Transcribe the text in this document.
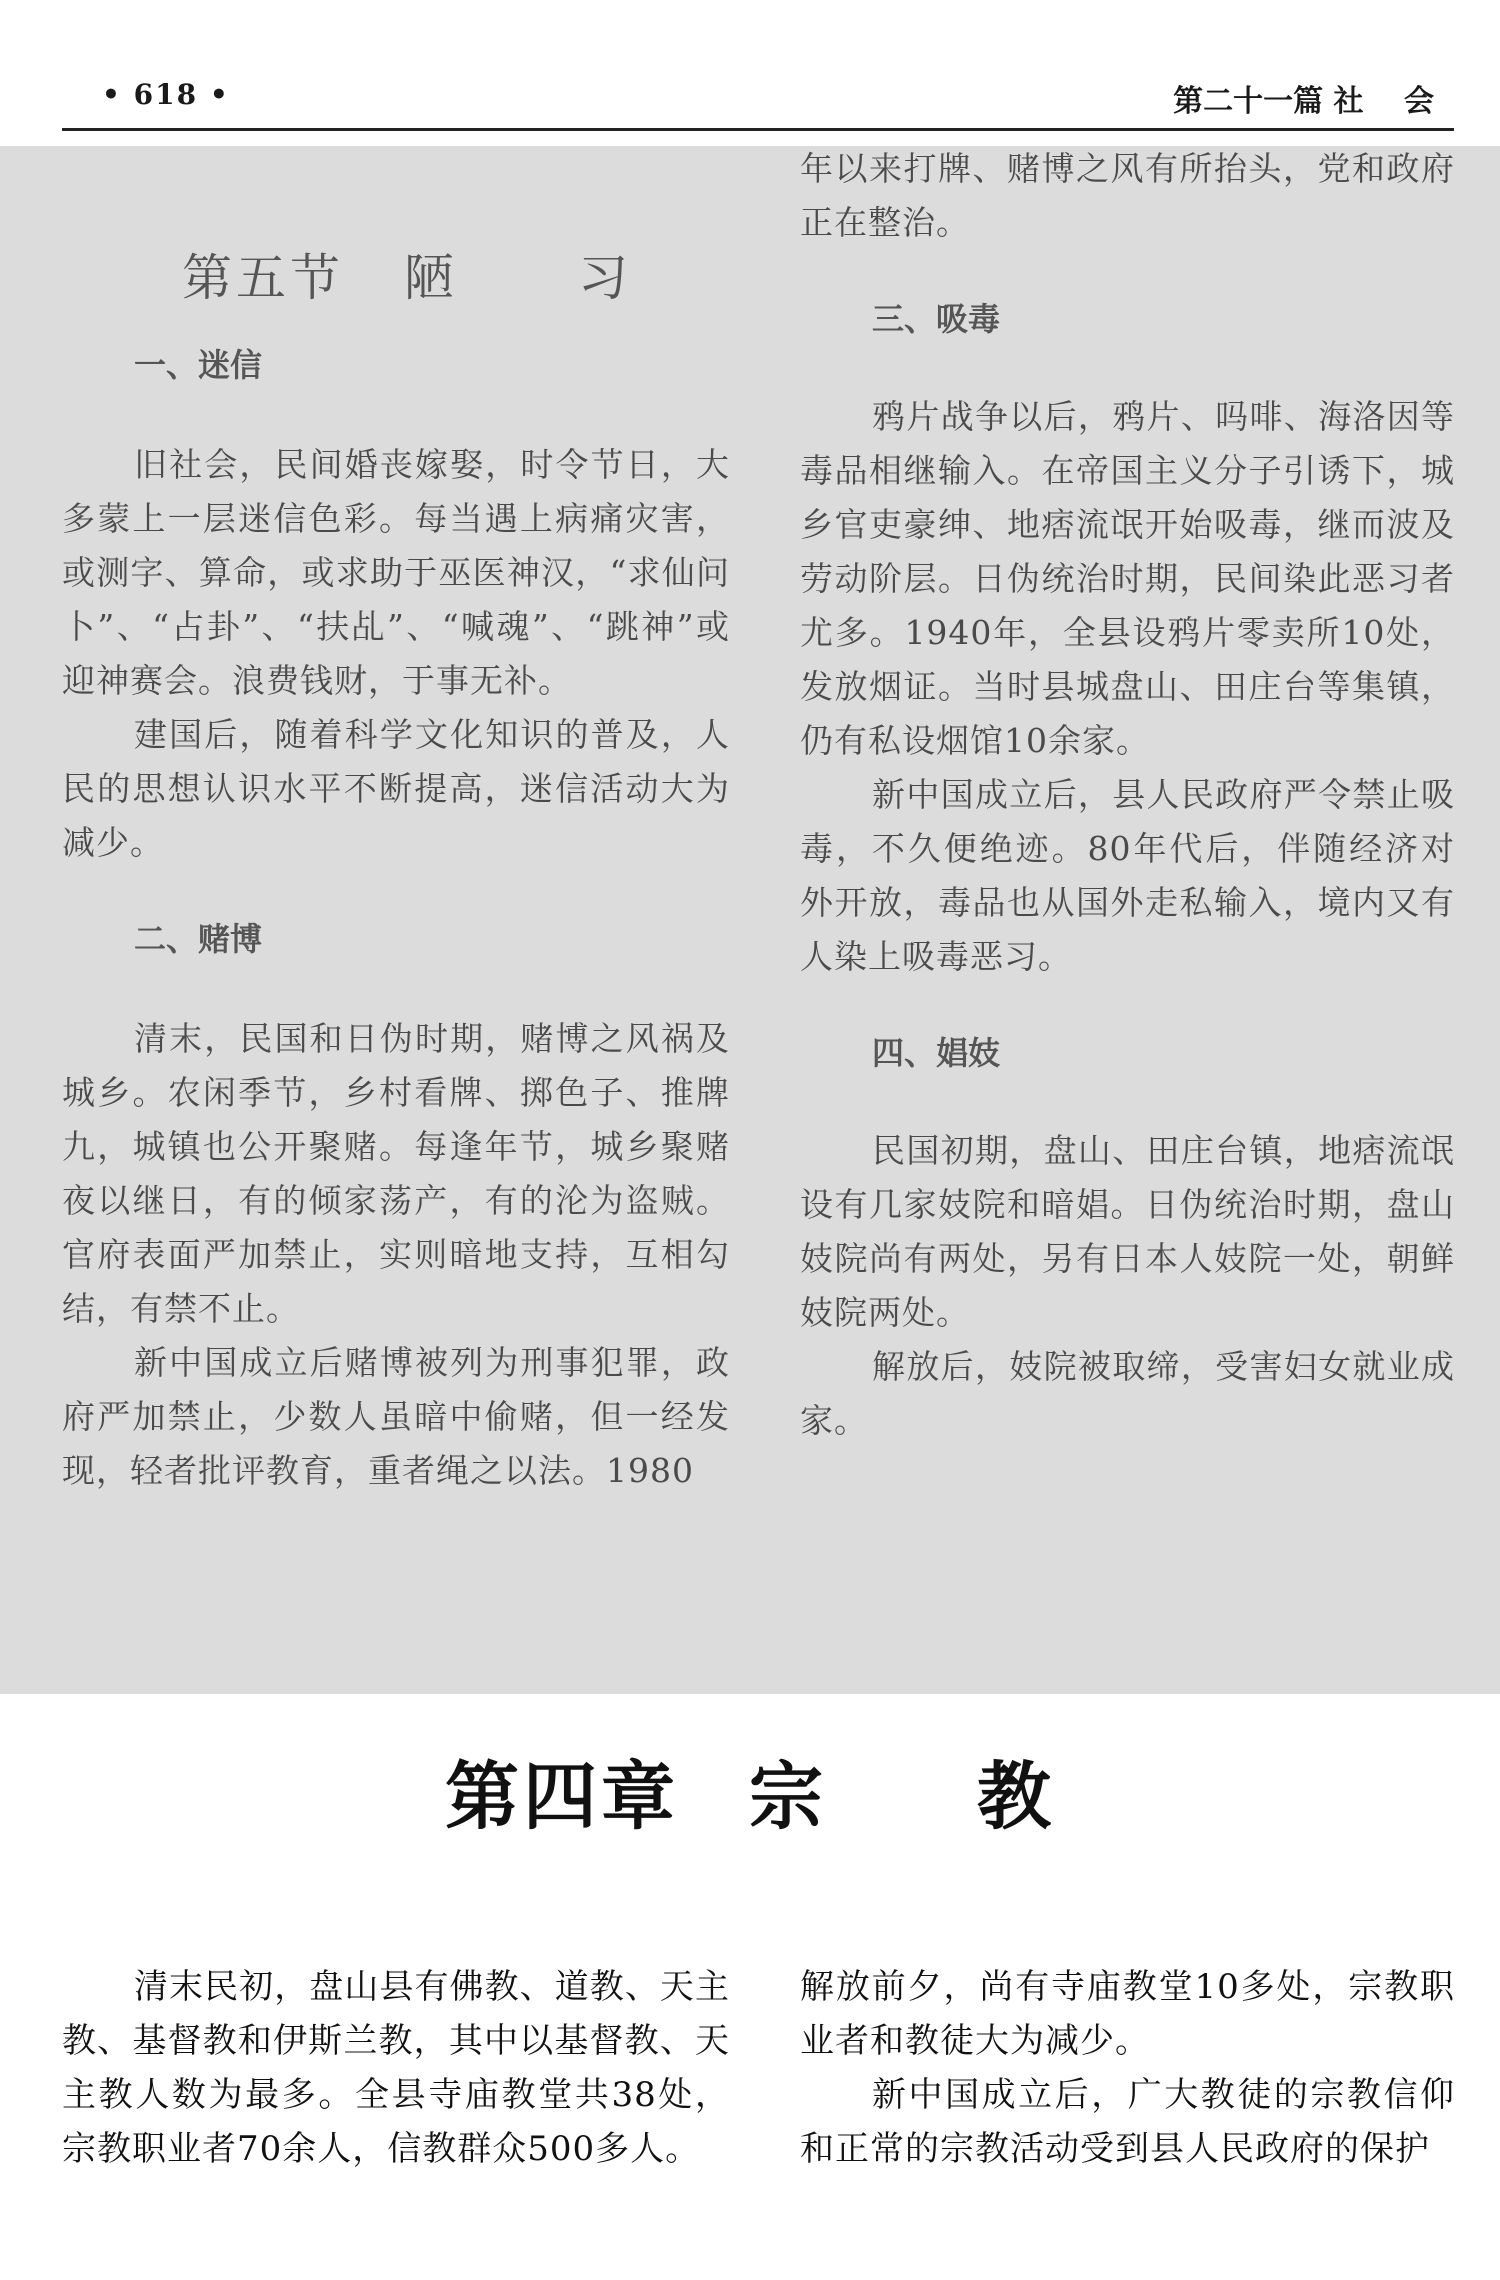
• 618 •	第二十一篇 社　 会
第五节 陋 习

一、迷信

旧社会，民间婚丧嫁娶，时令节日，大多蒙上一层迷信色彩。每当遇上病痛灾害，或测字、算命，或求助于巫医神汉，“求仙问卜”、“占卦”、“扶乩”、“喊魂”、“跳神”或迎神赛会。浪费钱财，于事无补。

建国后，随着科学文化知识的普及，人民的思想认识水平不断提高，迷信活动大为减少。

二、赌博

清末，民国和日伪时期，赌博之风祸及城乡。农闲季节，乡村看牌、掷色子、推牌九，城镇也公开聚赌。每逢年节，城乡聚赌夜以继日，有的倾家荡产，有的沦为盗贼。官府表面严加禁止，实则暗地支持，互相勾结，有禁不止。

新中国成立后赌博被列为刑事犯罪，政府严加禁止，少数人虽暗中偷赌，但一经发现，轻者批评教育，重者绳之以法。1980

年以来打牌、赌博之风有所抬头，党和政府正在整治。

三、吸毒

鸦片战争以后，鸦片、吗啡、海洛因等毒品相继输入。在帝国主义分子引诱下，城乡官吏豪绅、地痞流氓开始吸毒，继而波及劳动阶层。日伪统治时期，民间染此恶习者尤多。1940年，全县设鸦片零卖所10处，发放烟证。当时县城盘山、田庄台等集镇，仍有私设烟馆10余家。

新中国成立后，县人民政府严令禁止吸毒，不久便绝迹。80年代后，伴随经济对外开放，毒品也从国外走私输入，境内又有人染上吸毒恶习。

四、娼妓

民国初期，盘山、田庄台镇，地痞流氓设有几家妓院和暗娼。日伪统治时期，盘山妓院尚有两处，另有日本人妓院一处，朝鲜妓院两处。

解放后，妓院被取缔，受害妇女就业成家。

第四章 宗 教

清末民初，盘山县有佛教、道教、天主教、基督教和伊斯兰教，其中以基督教、天主教人数为最多。全县寺庙教堂共38处，宗教职业者70余人，信教群众500多人。

解放前夕，尚有寺庙教堂10多处，宗教职业者和教徒大为减少。

新中国成立后，广大教徒的宗教信仰和正常的宗教活动受到县人民政府的保护
